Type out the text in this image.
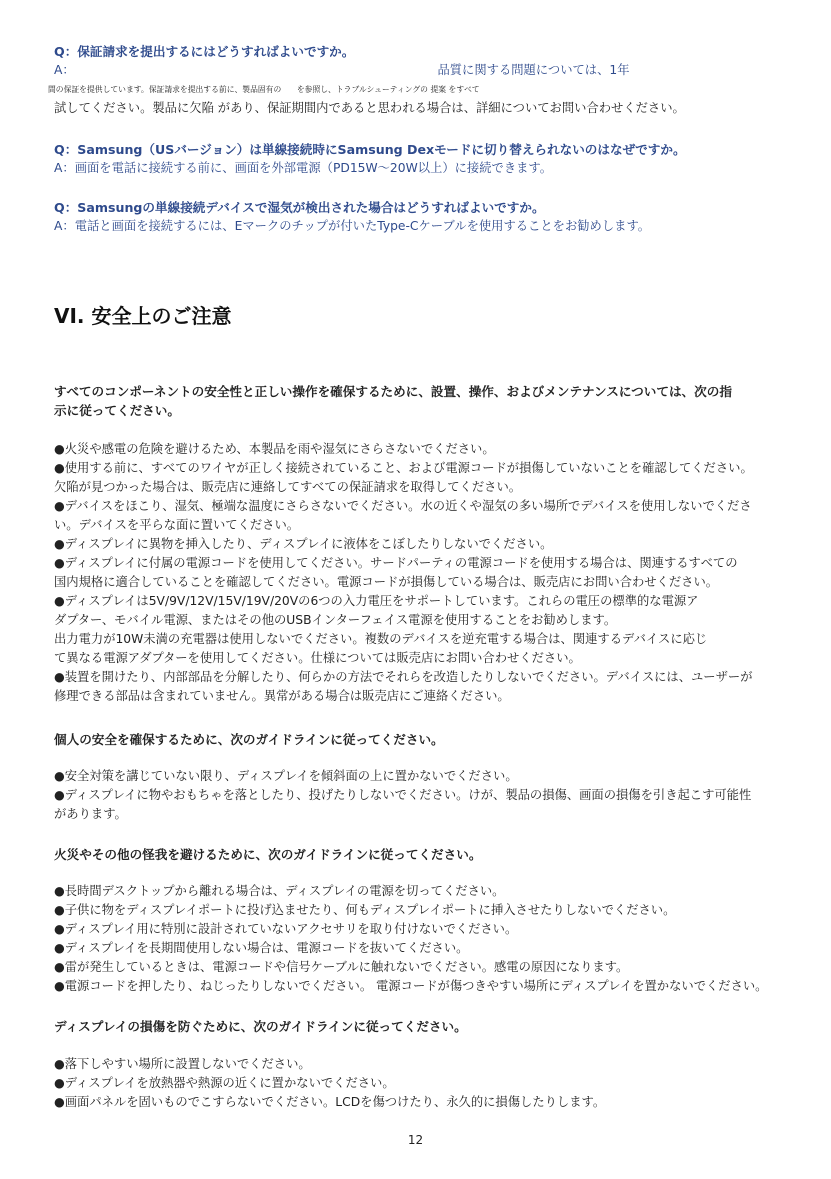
Q：保証請求を提出するにはどうすればよいですか。
A：　　　　　　　　　　　　　　　　　　　　　　　　　　　　　　品質に関する問題については、1年
間の保証を提供しています。保証請求を提出する前に、製品固有の　　を参照し、トラブルシューティングの 提案 をすべて
試してください。製品に欠陥 があり、保証期間内であると思われる場合は、詳細についてお問い合わせください。
Q：Samsung（USバージョン）は単線接続時にSamsung Dexモードに切り替えられないのはなぜですか。
A：画面を電話に接続する前に、画面を外部電源（PD15W～20W以上）に接続できます。
Q：Samsungの単線接続デバイスで湿気が検出された場合はどうすればよいですか。
A：電話と画面を接続するには、Eマークのチップが付いたType-Cケーブルを使用することをお勧めします。
VI. 安全上のご注意
すべてのコンポーネントの安全性と正しい操作を確保するために、設置、操作、およびメンテナンスについては、次の指
示に従ってください。
●火災や感電の危険を避けるため、本製品を雨や湿気にさらさないでください。
●使用する前に、すべてのワイヤが正しく接続されていること、および電源コードが損傷していないことを確認してください。
欠陥が見つかった場合は、販売店に連絡してすべての保証請求を取得してください。
●デバイスをほこり、湿気、極端な温度にさらさないでください。水の近くや湿気の多い場所でデバイスを使用しないでくださ
い。デバイスを平らな面に置いてください。
●ディスプレイに異物を挿入したり、ディスプレイに液体をこぼしたりしないでください。
●ディスプレイに付属の電源コードを使用してください。サードパーティの電源コードを使用する場合は、関連するすべての
国内規格に適合していることを確認してください。電源コードが損傷している場合は、販売店にお問い合わせください。
●ディスプレイは5V/9V/12V/15V/19V/20Vの6つの入力電圧をサポートしています。これらの電圧の標準的な電源ア
ダプター、モバイル電源、またはその他のUSBインターフェイス電源を使用することをお勧めします。
出力電力が10W未満の充電器は使用しないでください。複数のデバイスを逆充電する場合は、関連するデバイスに応じ
て異なる電源アダプターを使用してください。仕様については販売店にお問い合わせください。
●装置を開けたり、内部部品を分解したり、何らかの方法でそれらを改造したりしないでください。デバイスには、ユーザーが
修理できる部品は含まれていません。異常がある場合は販売店にご連絡ください。
個人の安全を確保するために、次のガイドラインに従ってください。
●安全対策を講じていない限り、ディスプレイを傾斜面の上に置かないでください。
●ディスプレイに物やおもちゃを落としたり、投げたりしないでください。けが、製品の損傷、画面の損傷を引き起こす可能性
があります。
火災やその他の怪我を避けるために、次のガイドラインに従ってください。
●長時間デスクトップから離れる場合は、ディスプレイの電源を切ってください。
●子供に物をディスプレイポートに投げ込ませたり、何もディスプレイポートに挿入させたりしないでください。
●ディスプレイ用に特別に設計されていないアクセサリを取り付けないでください。
●ディスプレイを長期間使用しない場合は、電源コードを抜いてください。
●雷が発生しているときは、電源コードや信号ケーブルに触れないでください。感電の原因になります。
●電源コードを押したり、ねじったりしないでください。 電源コードが傷つきやすい場所にディスプレイを置かないでください。
ディスプレイの損傷を防ぐために、次のガイドラインに従ってください。
●落下しやすい場所に設置しないでください。
●ディスプレイを放熱器や熱源の近くに置かないでください。
●画面パネルを固いものでこすらないでください。LCDを傷つけたり、永久的に損傷したりします。
12
